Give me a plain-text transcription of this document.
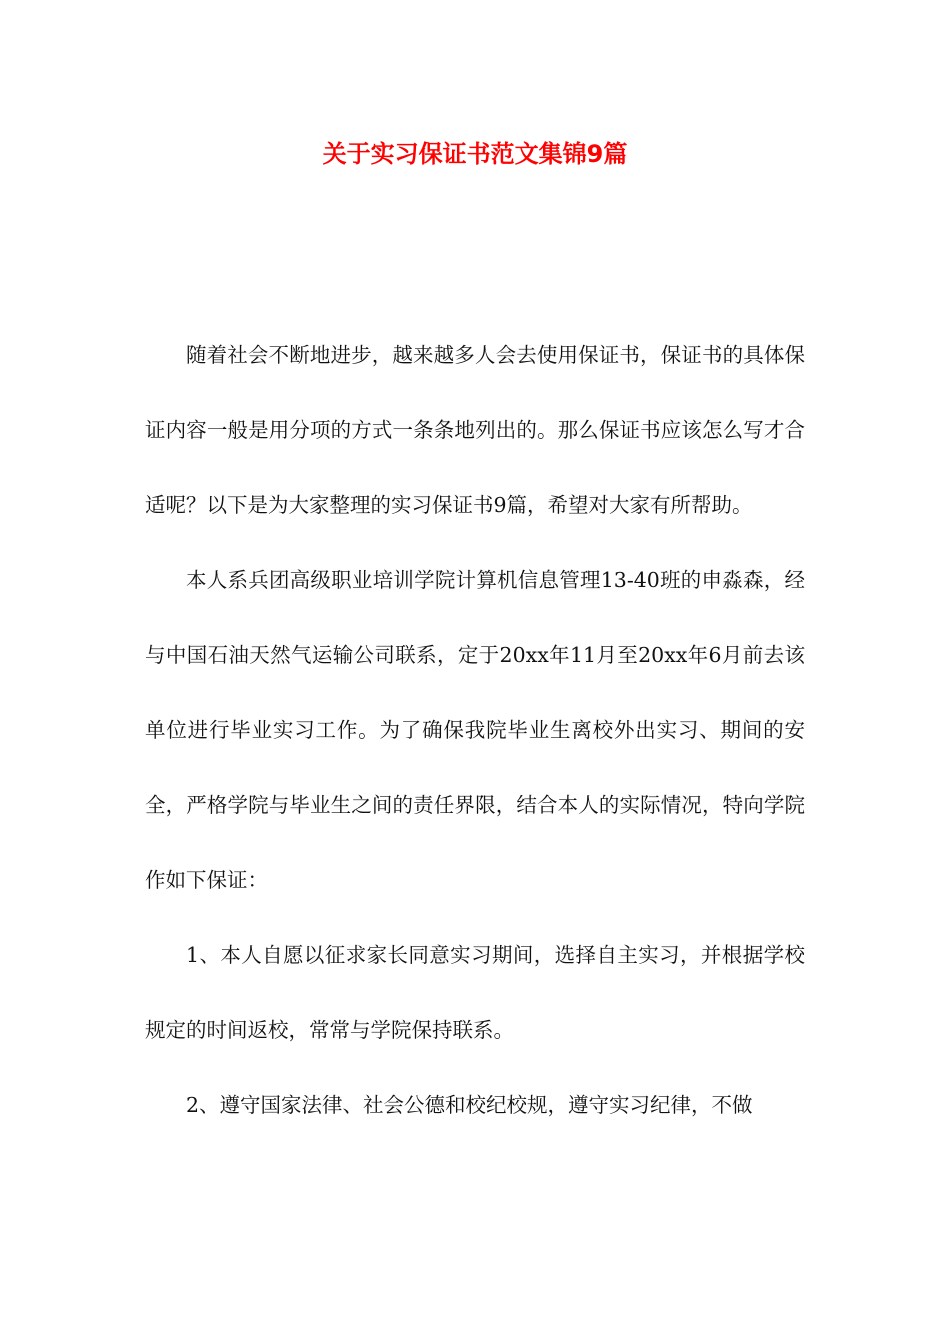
关于实习保证书范文集锦9篇

随着社会不断地进步，越来越多人会去使用保证书，保证书的具体保证内容一般是用分项的方式一条条地列出的。那么保证书应该怎么写才合适呢？以下是为大家整理的实习保证书9篇，希望对大家有所帮助。

本人系兵团高级职业培训学院计算机信息管理13-40班的申淼森，经与中国石油天然气运输公司联系，定于20xx年11月至20xx年6月前去该单位进行毕业实习工作。为了确保我院毕业生离校外出实习、期间的安全，严格学院与毕业生之间的责任界限，结合本人的实际情况，特向学院作如下保证：

1、本人自愿以征求家长同意实习期间，选择自主实习，并根据学校规定的时间返校，常常与学院保持联系。

2、遵守国家法律、社会公德和校纪校规，遵守实习纪律，不做
